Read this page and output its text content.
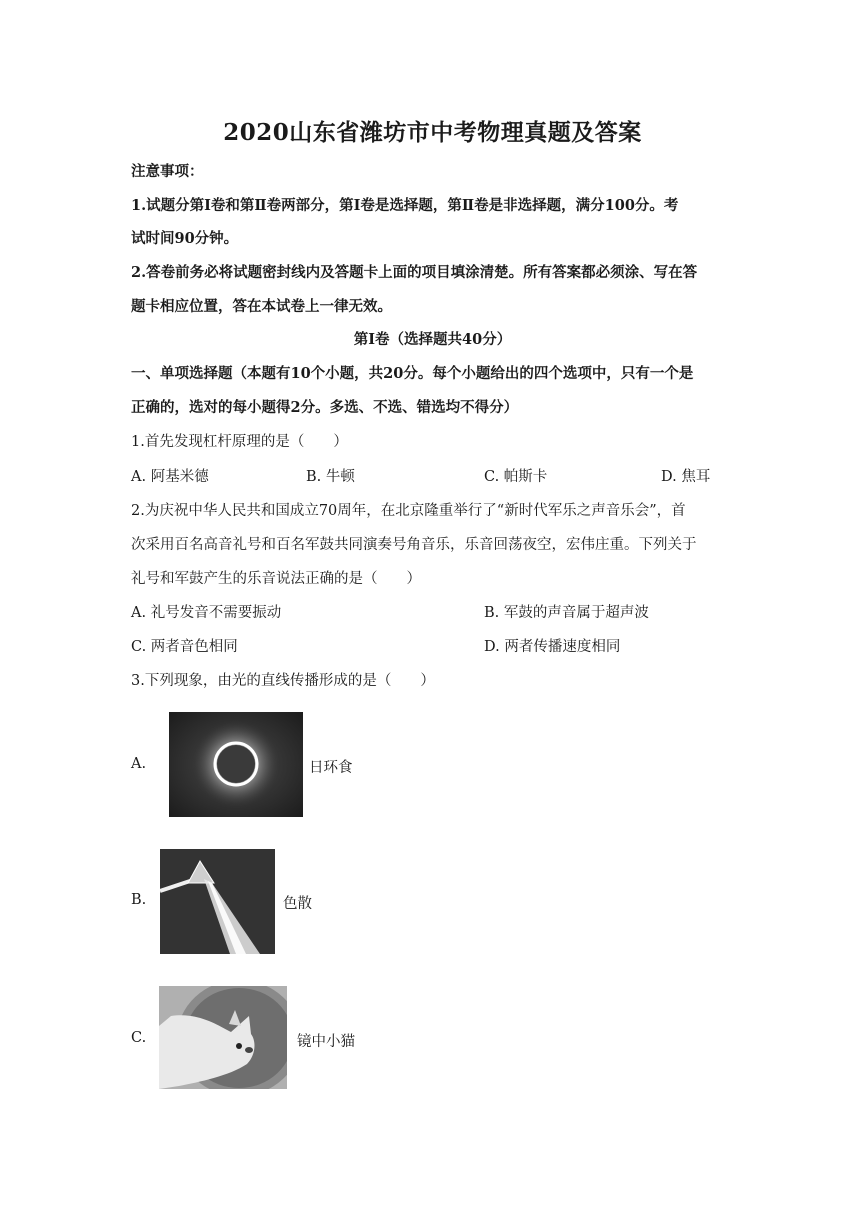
2020山东省潍坊市中考物理真题及答案
注意事项：
1.试题分第Ⅰ卷和第Ⅱ卷两部分，第Ⅰ卷是选择题，第Ⅱ卷是非选择题，满分100分。考
试时间90分钟。
2.答卷前务必将试题密封线内及答题卡上面的项目填涂清楚。所有答案都必须涂、写在答
题卡相应位置，答在本试卷上一律无效。
第Ⅰ卷（选择题共40分）
一、单项选择题（本题有10个小题，共20分。每个小题给出的四个选项中，只有一个是
正确的，选对的每小题得2分。多选、不选、错选均不得分）
1.首先发现杠杆原理的是（　　）
A. 阿基米德	B. 牛顿	C. 帕斯卡	D. 焦耳
2.为庆祝中华人民共和国成立70周年，在北京隆重举行了“新时代军乐之声音乐会”，首
次采用百名高音礼号和百名军鼓共同演奏号角音乐，乐音回荡夜空，宏伟庄重。下列关于
礼号和军鼓产生的乐音说法正确的是（　　）
A. 礼号发音不需要振动	B. 军鼓的声音属于超声波
C. 两者音色相同	D. 两者传播速度相同
3.下列现象，由光的直线传播形成的是（　　）
A.	日环食
B.	色散
C.	镜中小猫
